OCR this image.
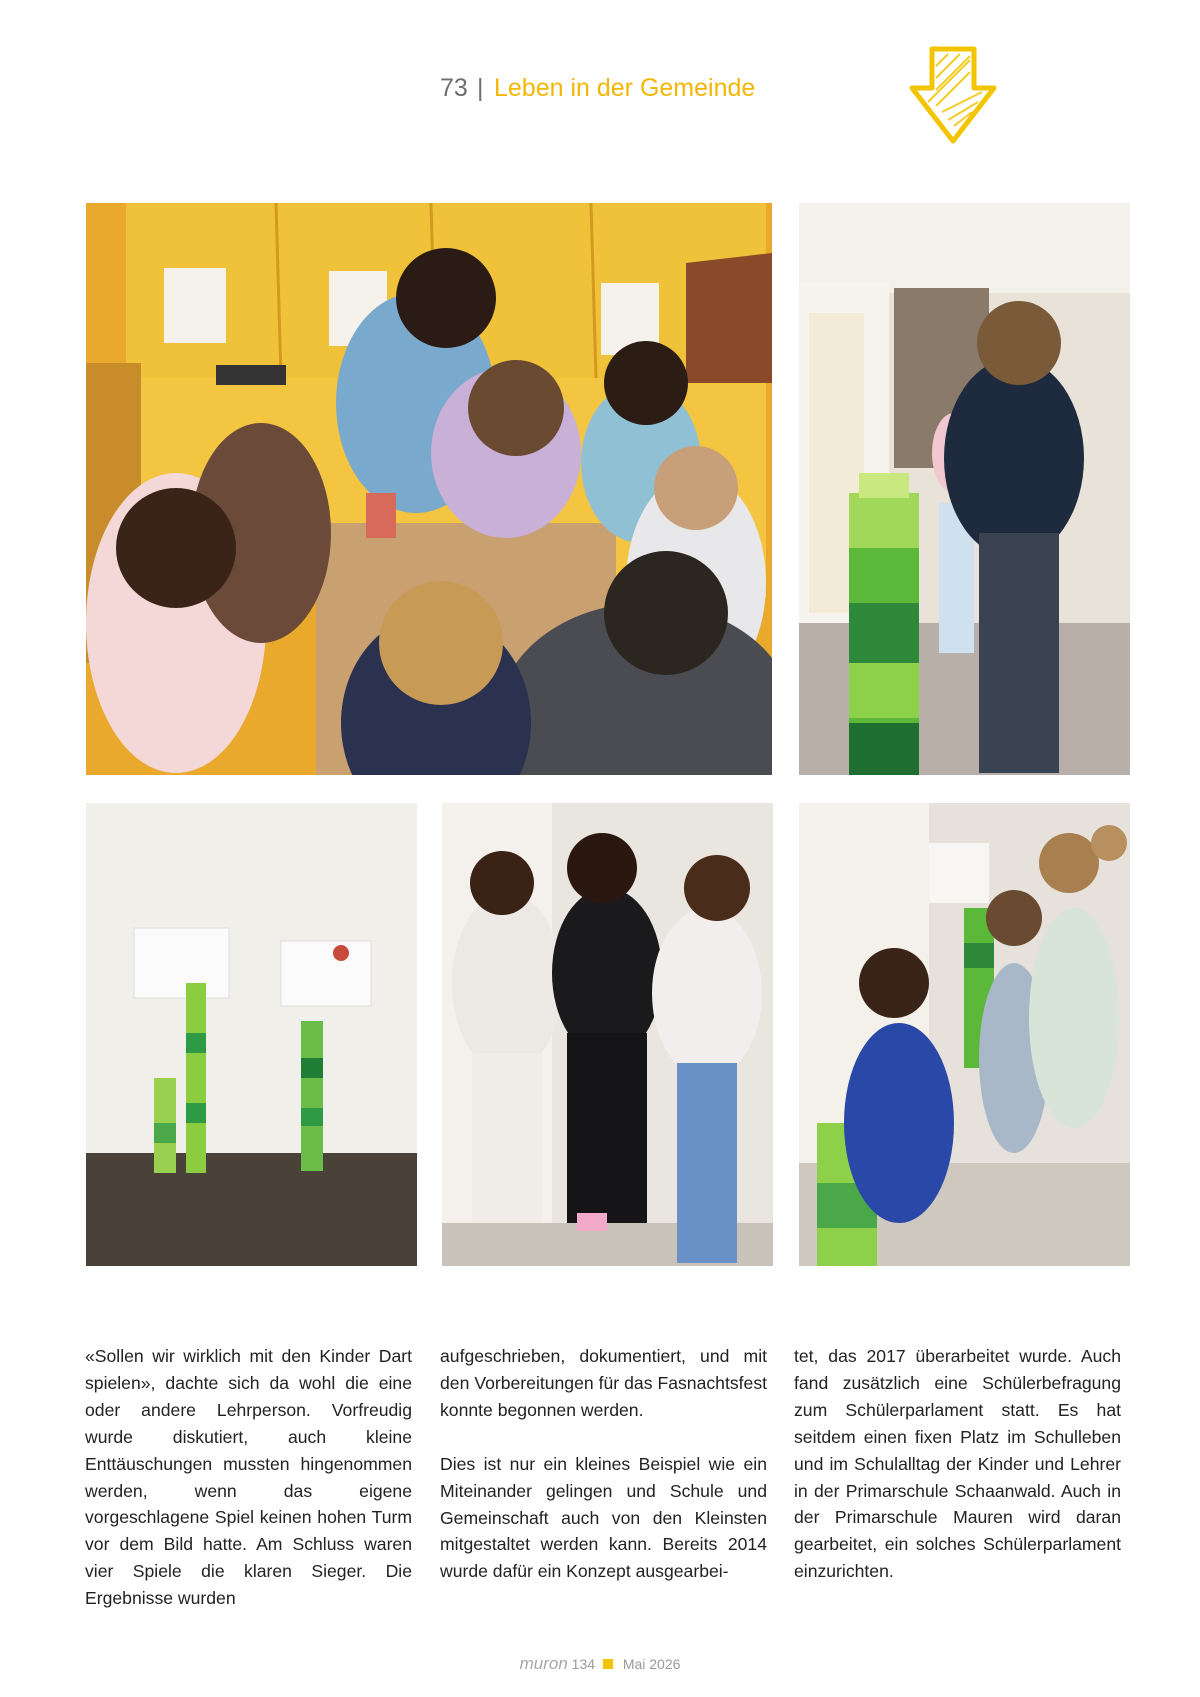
73 | Leben in der Gemeinde

«Sollen wir wirklich mit den Kinder Dart spielen», dachte sich da wohl die eine oder andere Lehrperson. Vorfreudig wurde diskutiert, auch kleine Enttäuschungen mussten hingenommen werden, wenn das eigene vorgeschlagene Spiel keinen hohen Turm vor dem Bild hatte. Am Schluss waren vier Spiele die klaren Sieger. Die Ergebnisse wurden

aufgeschrieben, dokumentiert, und mit den Vorbereitungen für das Fasnachtsfest konnte begonnen werden.

Dies ist nur ein kleines Beispiel wie ein Miteinander gelingen und Schule und Gemeinschaft auch von den Kleinsten mitgestaltet werden kann. Bereits 2014 wurde dafür ein Konzept ausgearbei-

tet, das 2017 überarbeitet wurde. Auch fand zusätzlich eine Schülerbefragung zum Schülerparlament statt. Es hat seitdem einen fixen Platz im Schulleben und im Schulalltag der Kinder und Lehrer in der Primarschule Schaanwald. Auch in der Primarschule Mauren wird daran gearbeitet, ein solches Schülerparlament einzurichten.

muron 134 Mai 2026
